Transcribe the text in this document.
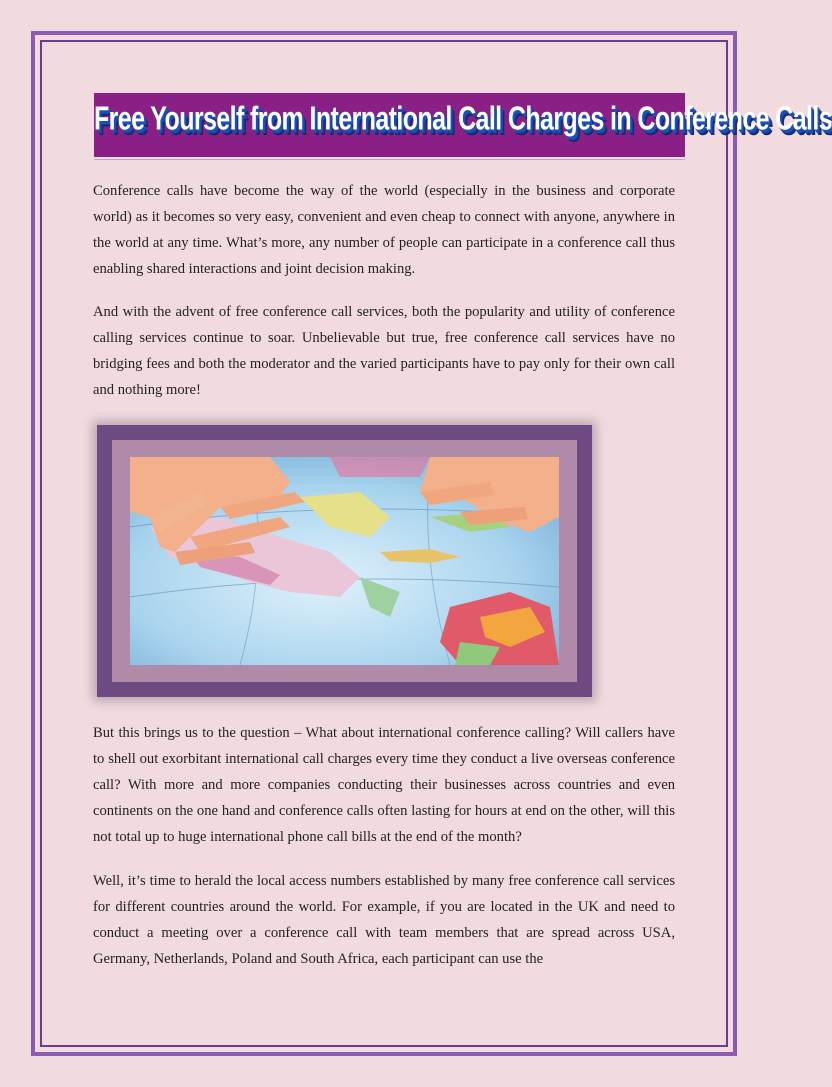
Free Yourself from International Call Charges in Conference Calls

Conference calls have become the way of the world (especially in the business and corporate world) as it becomes so very easy, convenient and even cheap to connect with anyone, anywhere in the world at any time. What’s more, any number of people can participate in a conference call thus enabling shared interactions and joint decision making.

And with the advent of free conference call services, both the popularity and utility of conference calling services continue to soar. Unbelievable but true, free conference call services have no bridging fees and both the moderator and the varied participants have to pay only for their own call and nothing more!

But this brings us to the question – What about international conference calling? Will callers have to shell out exorbitant international call charges every time they conduct a live overseas conference call? With more and more companies conducting their businesses across countries and even continents on the one hand and conference calls often lasting for hours at end on the other, will this not total up to huge international phone call bills at the end of the month?

Well, it’s time to herald the local access numbers established by many free conference call services for different countries around the world. For example, if you are located in the UK and need to conduct a meeting over a conference call with team members that are spread across USA, Germany, Netherlands, Poland and South Africa, each participant can use the
